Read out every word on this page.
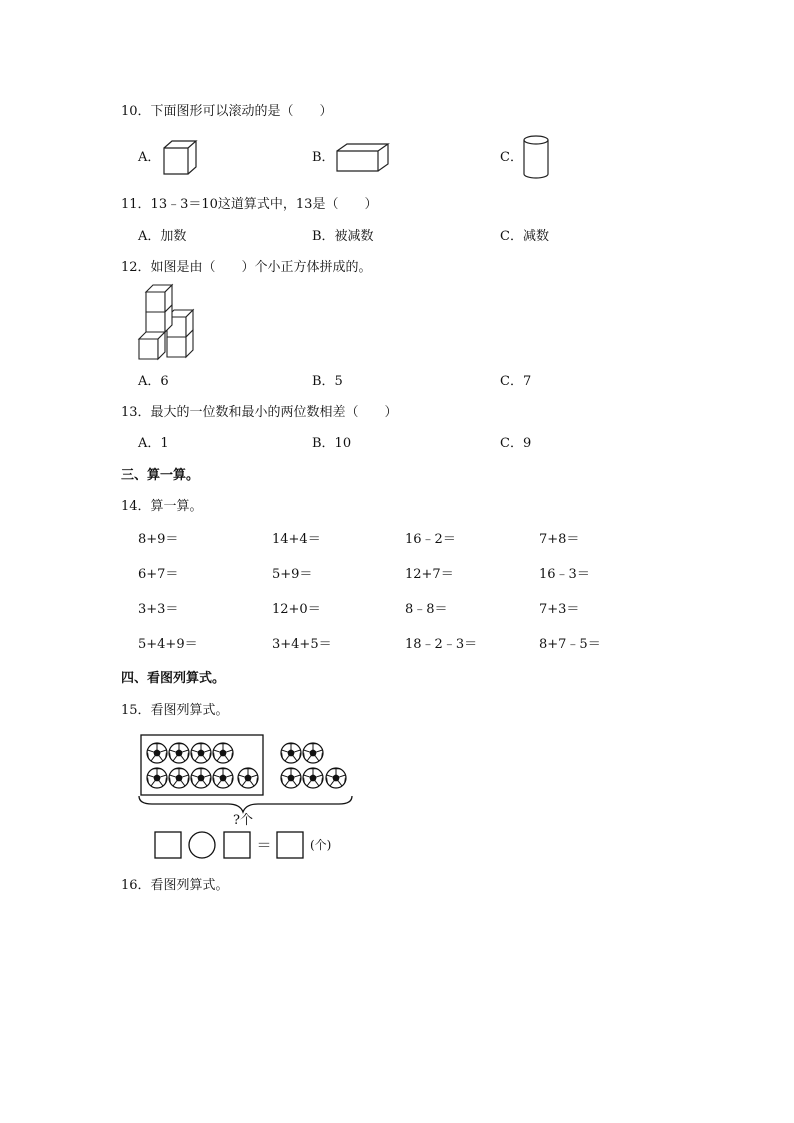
10．下面图形可以滚动的是（　　）
A．	B．	C．
11．13﹣3＝10这道算式中，13是（　　）
A．加数	B．被减数	C．减数
12．如图是由（　　）个小正方体拼成的。
A．6	B．5	C．7
13．最大的一位数和最小的两位数相差（　　）
A．1	B．10	C．9
三、算一算。
14．算一算。
8+9＝	14+4＝	16﹣2＝	7+8＝
6+7＝	5+9＝	12+7＝	16﹣3＝
3+3＝	12+0＝	8﹣8＝	7+3＝
5+4+9＝	3+4+5＝	18﹣2﹣3＝	8+7﹣5＝
四、看图列算式。
15．看图列算式。
?个
＝	(个)
16．看图列算式。
